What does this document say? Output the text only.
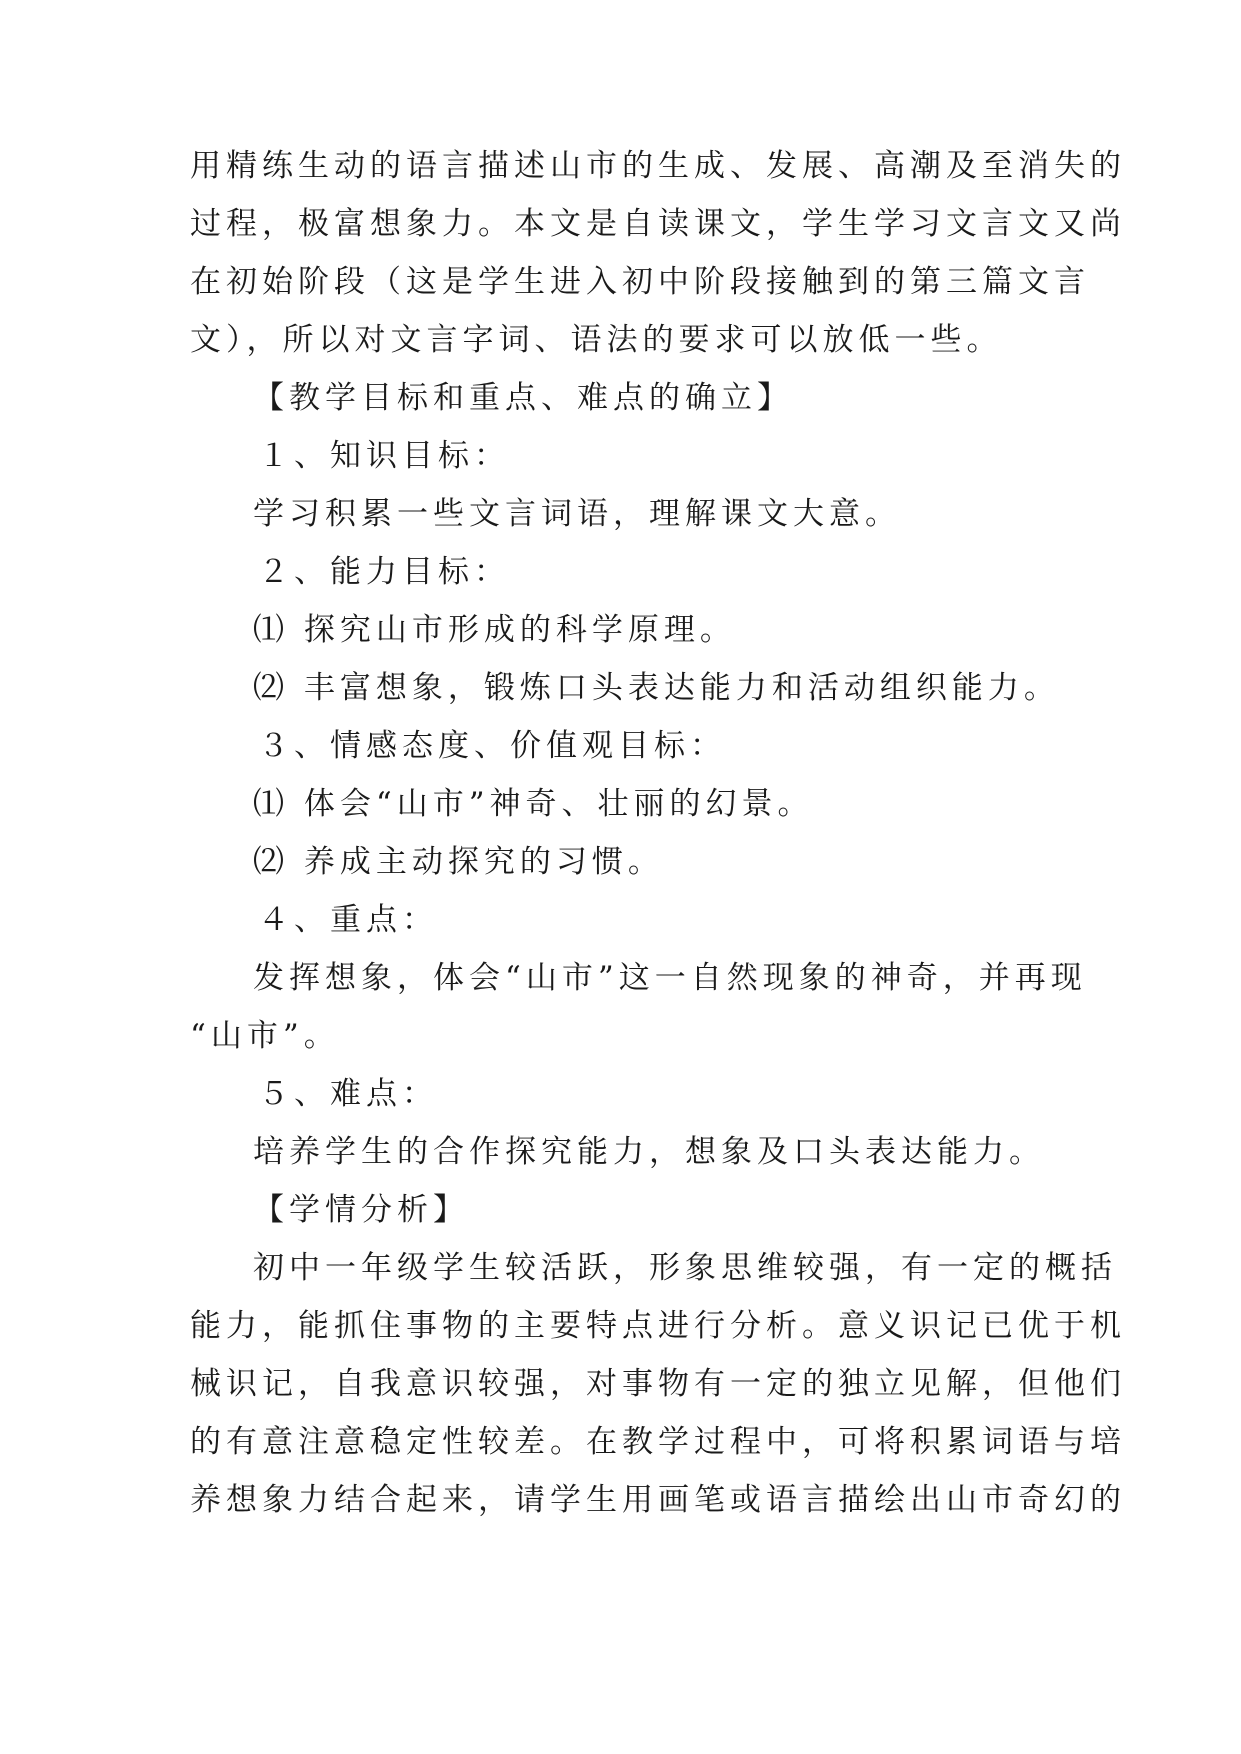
用精练生动的语言描述山市的生成、发展、高潮及至消失的
过程，极富想象力。本文是自读课文，学生学习文言文又尚
在初始阶段（这是学生进入初中阶段接触到的第三篇文言
文），所以对文言字词、语法的要求可以放低一些。
【教学目标和重点、难点的确立】
１、知识目标：
学习积累一些文言词语，理解课文大意。
２、能力目标：
⑴ 探究山市形成的科学原理。
⑵ 丰富想象，锻炼口头表达能力和活动组织能力。
３、情感态度、价值观目标：
⑴ 体会“山市”神奇、壮丽的幻景。
⑵ 养成主动探究的习惯。
４、重点：
发挥想象，体会“山市”这一自然现象的神奇，并再现
“山市”。
５、难点：
培养学生的合作探究能力，想象及口头表达能力。
【学情分析】
初中一年级学生较活跃，形象思维较强，有一定的概括
能力，能抓住事物的主要特点进行分析。意义识记已优于机
械识记，自我意识较强，对事物有一定的独立见解，但他们
的有意注意稳定性较差。在教学过程中，可将积累词语与培
养想象力结合起来，请学生用画笔或语言描绘出山市奇幻的
